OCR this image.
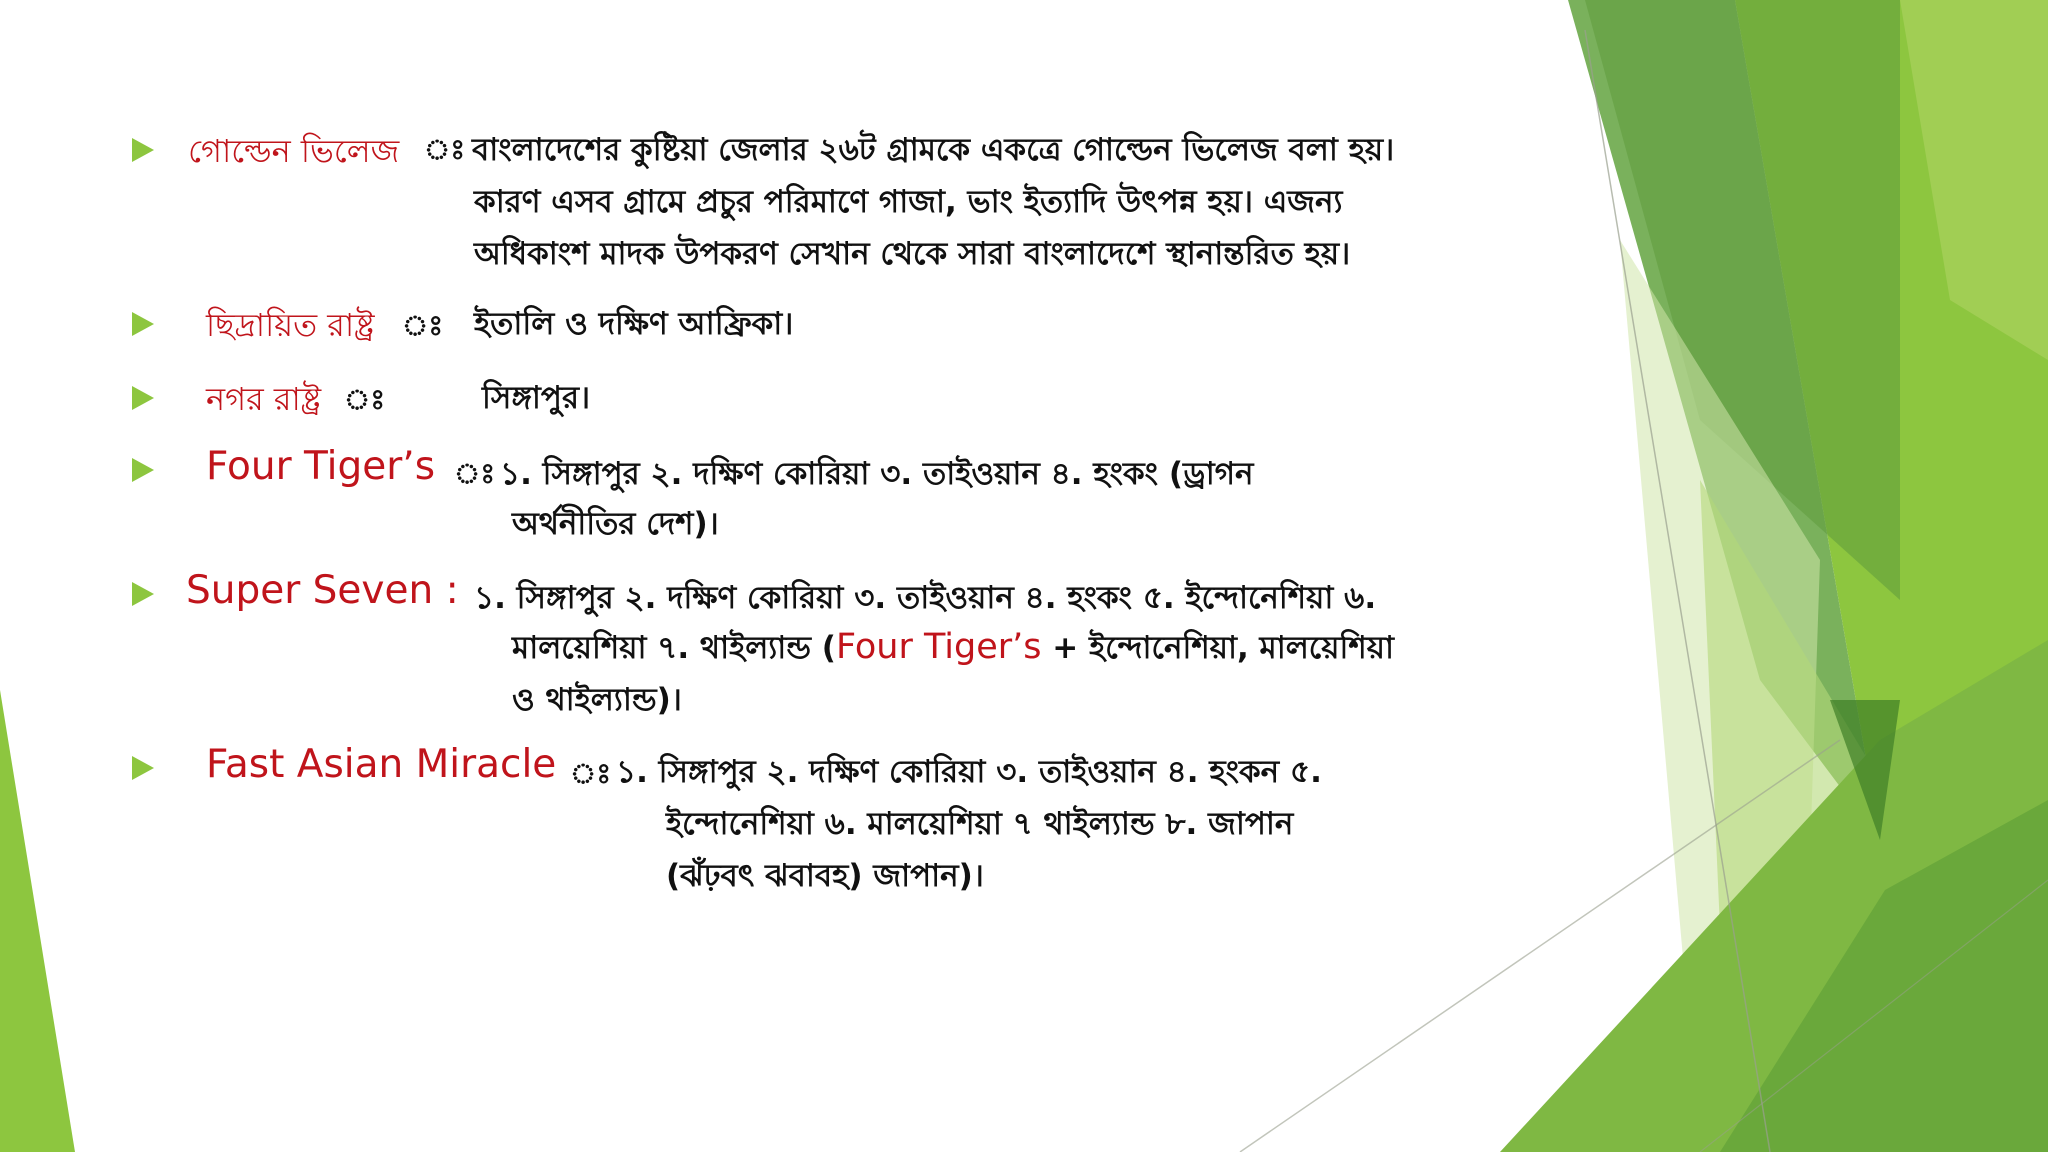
গোল্ডেন ভিলেজ ঃ বাংলাদেশের কুষ্টিয়া জেলার ২৬ট গ্রামকে একত্রে গোল্ডেন ভিলেজ বলা হয়।
কারণ এসব গ্রামে প্রচুর পরিমাণে গাজা, ভাং ইত্যাদি উৎপন্ন হয়। এজন্য
অধিকাংশ মাদক উপকরণ সেখান থেকে সারা বাংলাদেশে স্থানান্তরিত হয়।
ছিদ্রায়িত রাষ্ট্র ঃ ইতালি ও দক্ষিণ আফ্রিকা।
নগর রাষ্ট্র ঃ	সিঙ্গাপুর।
Four Tiger’s ঃ ১. সিঙ্গাপুর ২. দক্ষিণ কোরিয়া ৩. তাইওয়ান ৪. হংকং (ড্রাগন
অর্থনীতির দেশ)।
Super Seven : ১. সিঙ্গাপুর ২. দক্ষিণ কোরিয়া ৩. তাইওয়ান ৪. হংকং ৫. ইন্দোনেশিয়া ৬.
মালয়েশিয়া ৭. থাইল্যান্ড (Four Tiger’s + ইন্দোনেশিয়া, মালয়েশিয়া
ও থাইল্যান্ড)।
Fast Asian Miracle ঃ ১. সিঙ্গাপুর ২. দক্ষিণ কোরিয়া ৩. তাইওয়ান ৪. হংকন ৫.
ইন্দোনেশিয়া ৬. মালয়েশিয়া ৭ থাইল্যান্ড ৮. জাপান
(ঝঁঢ়বৎ ঝবাবহ) জাপান)।
